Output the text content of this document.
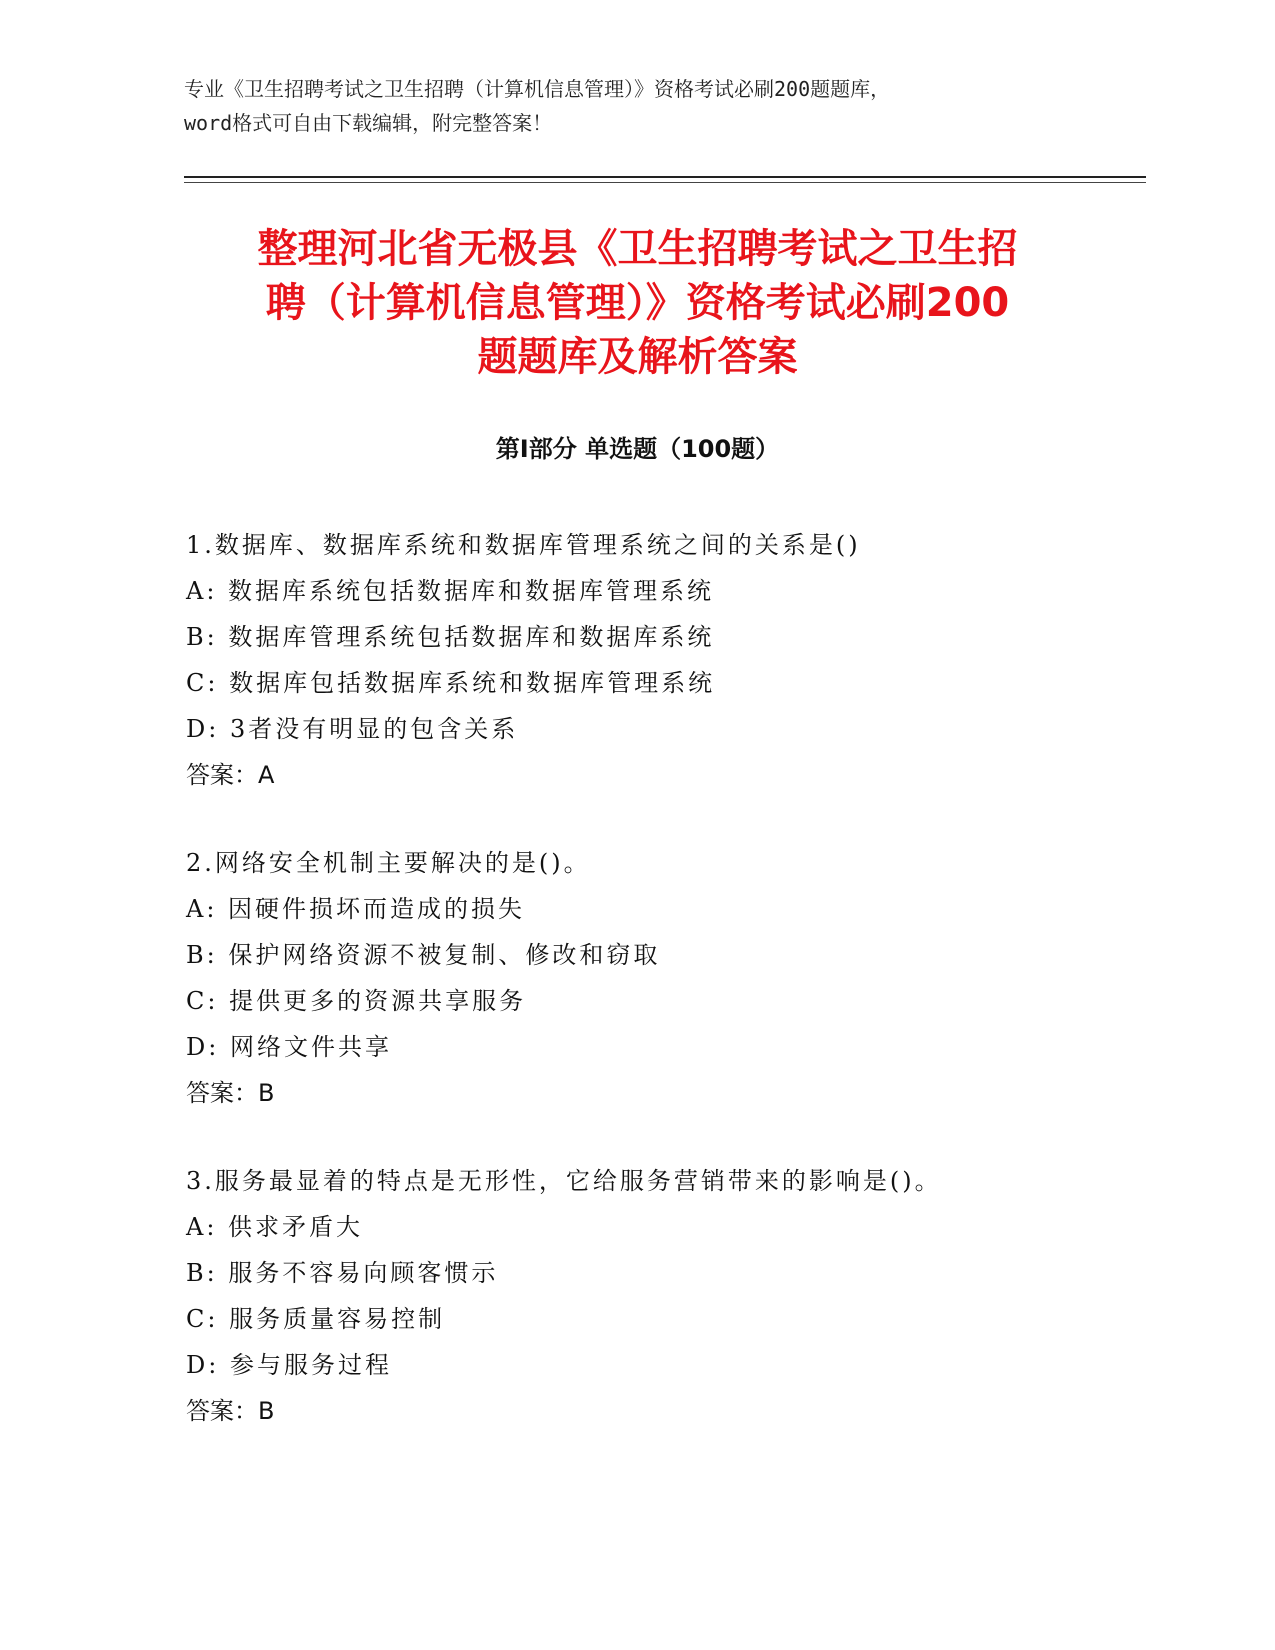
专业《卫生招聘考试之卫生招聘（计算机信息管理）》资格考试必刷200题题库，
word格式可自由下载编辑，附完整答案！
整理河北省无极县《卫生招聘考试之卫生招
聘（计算机信息管理）》资格考试必刷200
题题库及解析答案
第Ⅰ部分 单选题（100题）
1.数据库、数据库系统和数据库管理系统之间的关系是()
A: 数据库系统包括数据库和数据库管理系统
B: 数据库管理系统包括数据库和数据库系统
C: 数据库包括数据库系统和数据库管理系统
D: 3者没有明显的包含关系
答案：A
2.网络安全机制主要解决的是()。
A: 因硬件损坏而造成的损失
B: 保护网络资源不被复制、修改和窃取
C: 提供更多的资源共享服务
D: 网络文件共享
答案：B
3.服务最显着的特点是无形性，它给服务营销带来的影响是()。
A: 供求矛盾大
B: 服务不容易向顾客惯示
C: 服务质量容易控制
D: 参与服务过程
答案：B
